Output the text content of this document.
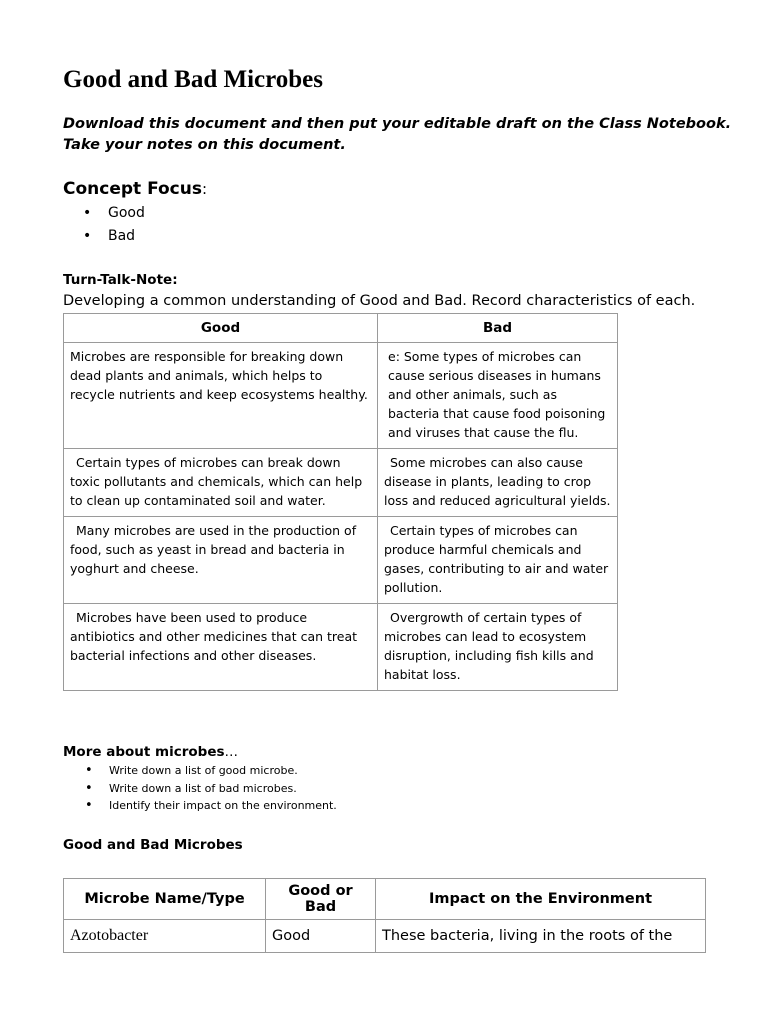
Good and Bad Microbes
Download this document and then put your editable draft on the Class Notebook. Take your notes on this document.
Concept Focus:
• Good
• Bad
Turn-Talk-Note:
Developing a common understanding of Good and Bad. Record characteristics of each.
Good	Bad
Microbes are responsible for breaking down dead plants and animals, which helps to recycle nutrients and keep ecosystems healthy.	e: Some types of microbes can cause serious diseases in humans and other animals, such as bacteria that cause food poisoning and viruses that cause the flu.
Certain types of microbes can break down toxic pollutants and chemicals, which can help to clean up contaminated soil and water.	Some microbes can also cause disease in plants, leading to crop loss and reduced agricultural yields.
Many microbes are used in the production of food, such as yeast in bread and bacteria in yoghurt and cheese.	Certain types of microbes can produce harmful chemicals and gases, contributing to air and water pollution.
Microbes have been used to produce antibiotics and other medicines that can treat bacterial infections and other diseases.	Overgrowth of certain types of microbes can lead to ecosystem disruption, including fish kills and habitat loss.
More about microbes…
• Write down a list of good microbe.
• Write down a list of bad microbes.
• Identify their impact on the environment.
Good and Bad Microbes
Microbe Name/Type	Good or Bad	Impact on the Environment
Azotobacter	Good	These bacteria, living in the roots of the
